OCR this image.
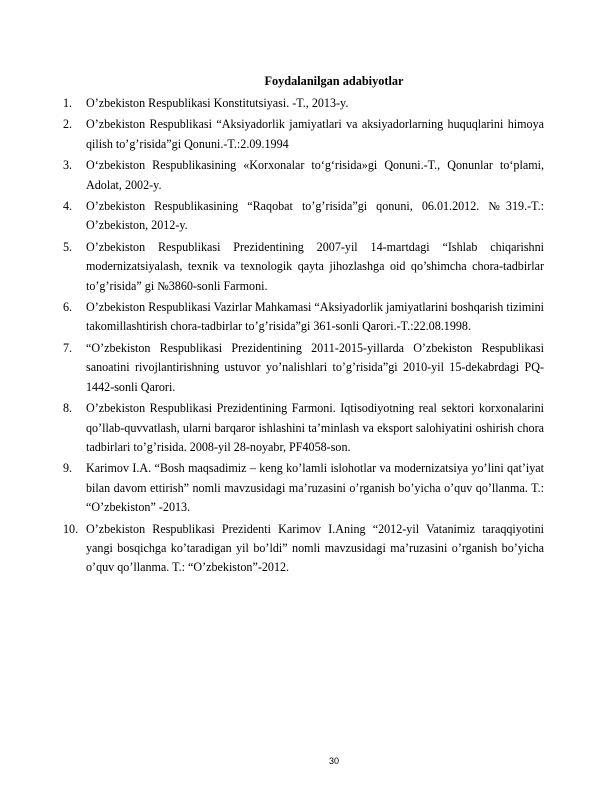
Foydalanilgan adabiyotlar
1. O’zbekiston Respublikasi Konstitutsiyasi. -T., 2013-y.
2. O’zbekiston Respublikasi “Aksiyadorlik jamiyatlari va aksiyadorlarning huquqlarini himoya qilish to’g’risida”gi Qonuni.-T.:2.09.1994
3. O‘zbekiston Respublikasining «Korxonalar to‘g‘risida»gi Qonuni.-T., Qonunlar to‘plami, Adolat, 2002-y.
4. O’zbekiston Respublikasining “Raqobat to’g’risida”gi qonuni, 06.01.2012. №319.-T.: O’zbekiston, 2012-y.
5. O’zbekiston Respublikasi Prezidentining 2007-yil 14-martdagi “Ishlab chiqarishni modernizatsiyalash, texnik va texnologik qayta jihozlashga oid qo’shimcha chora-tadbirlar to’g’risida” gi №3860-sonli Farmoni.
6. O’zbekiston Respublikasi Vazirlar Mahkamasi “Aksiyadorlik jamiyatlarini boshqarish tizimini takomillashtirish chora-tadbirlar to’g’risida”gi 361-sonli Qarori.-T.:22.08.1998.
7. “O’zbekiston Respublikasi Prezidentining 2011-2015-yillarda O’zbekiston Respublikasi sanoatini rivojlantirishning ustuvor yo’nalishlari to’g’risida”gi 2010-yil 15-dekabrdagi PQ-1442-sonli Qarori.
8. O’zbekiston Respublikasi Prezidentining Farmoni. Iqtisodiyotning real sektori korxonalarini qo’llab-quvvatlash, ularni barqaror ishlashini ta’minlash va eksport salohiyatini oshirish chora tadbirlari to’g’risida. 2008-yil 28-noyabr, PF4058-son.
9. Karimov I.A. “Bosh maqsadimiz – keng ko’lamli islohotlar va modernizatsiya yo’lini qat’iyat bilan davom ettirish” nomli mavzusidagi ma’ruzasini o’rganish bo’yicha o’quv qo’llanma. T.: “O’zbekiston” -2013.
10. O’zbekiston Respublikasi Prezidenti Karimov I.Aning “2012-yil Vatanimiz taraqqiyotini yangi bosqichga ko’taradigan yil bo’ldi” nomli mavzusidagi ma’ruzasini o’rganish bo’yicha o’quv qo’llanma. T.: “O’zbekiston”-2012.
30
